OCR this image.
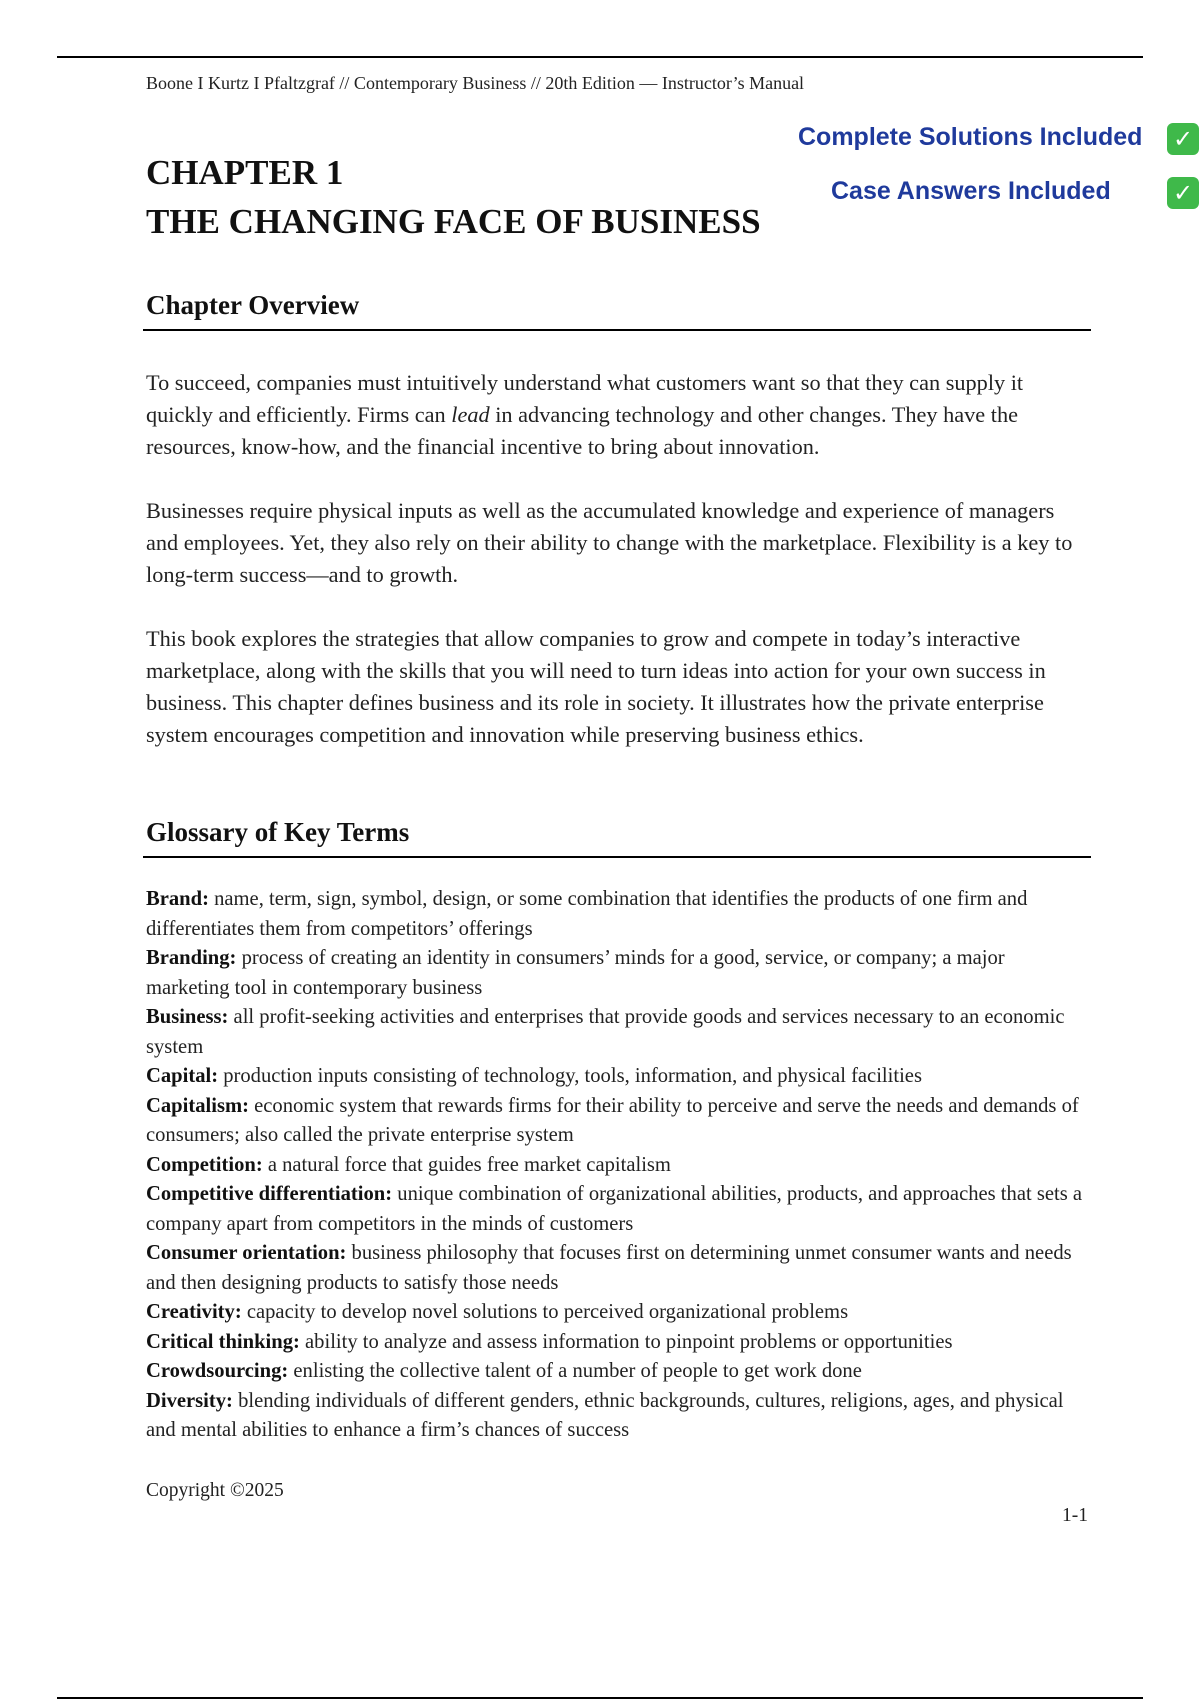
Boone I Kurtz I Pfaltzgraf // Contemporary Business // 20th Edition — Instructor’s Manual
CHAPTER 1
THE CHANGING FACE OF BUSINESS
Complete Solutions Included ✓
Case Answers Included	✓
Chapter Overview

To succeed, companies must intuitively understand what customers want so that they can supply it quickly and efficiently. Firms can lead in advancing technology and other changes. They have the resources, know-how, and the financial incentive to bring about innovation.

Businesses require physical inputs as well as the accumulated knowledge and experience of managers and employees. Yet, they also rely on their ability to change with the marketplace. Flexibility is a key to long-term success—and to growth.

This book explores the strategies that allow companies to grow and compete in today’s interactive marketplace, along with the skills that you will need to turn ideas into action for your own success in business. This chapter defines business and its role in society. It illustrates how the private enterprise system encourages competition and innovation while preserving business ethics.

Glossary of Key Terms

Brand: name, term, sign, symbol, design, or some combination that identifies the products of one firm and differentiates them from competitors’ offerings

Branding: process of creating an identity in consumers’ minds for a good, service, or company; a major marketing tool in contemporary business

Business: all profit-seeking activities and enterprises that provide goods and services necessary to an economic system

Capital: production inputs consisting of technology, tools, information, and physical facilities

Capitalism: economic system that rewards firms for their ability to perceive and serve the needs and demands of consumers; also called the private enterprise system

Competition: a natural force that guides free market capitalism

Competitive differentiation: unique combination of organizational abilities, products, and approaches that sets a company apart from competitors in the minds of customers

Consumer orientation: business philosophy that focuses first on determining unmet consumer wants and needs and then designing products to satisfy those needs

Creativity: capacity to develop novel solutions to perceived organizational problems

Critical thinking: ability to analyze and assess information to pinpoint problems or opportunities

Crowdsourcing: enlisting the collective talent of a number of people to get work done

Diversity: blending individuals of different genders, ethnic backgrounds, cultures, religions, ages, and physical and mental abilities to enhance a firm’s chances of success

Copyright ©2025
1-1
